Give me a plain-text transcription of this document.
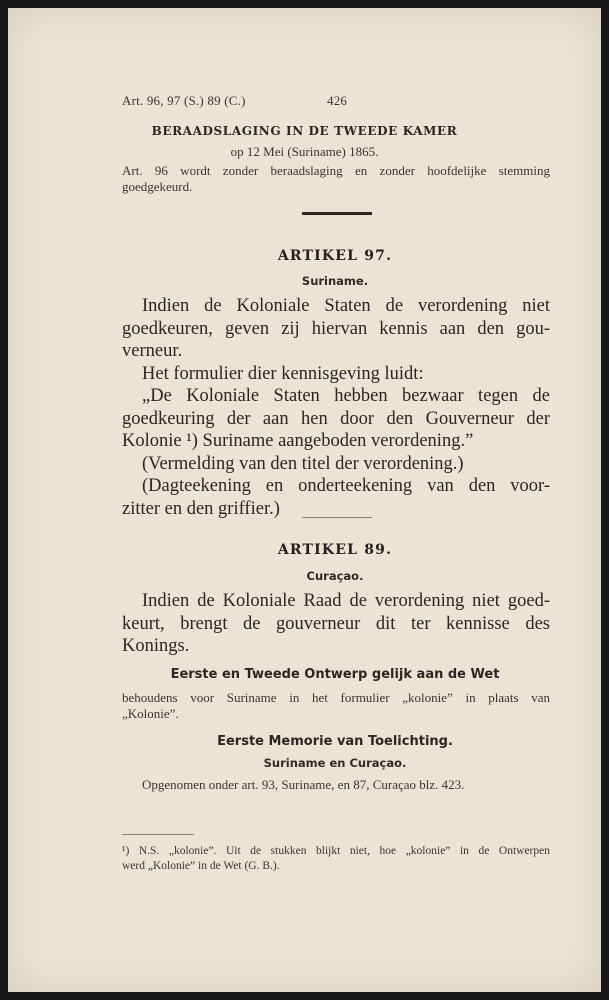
Art. 96, 97 (S.) 89 (C.)	426
BERAADSLAGING IN DE TWEEDE KAMER
op 12 Mei (Suriname) 1865.
Art. 96 wordt zonder beraadslaging en zonder hoofdelijke stemming
goedgekeurd.
ARTIKEL 97.
Suriname.
Indien de Koloniale Staten de verordening niet
goedkeuren, geven zij hiervan kennis aan den gou-
verneur.
Het formulier dier kennisgeving luidt:
„De Koloniale Staten hebben bezwaar tegen de
goedkeuring der aan hen door den Gouverneur der
Kolonie ¹) Suriname aangeboden verordening.”
(Vermelding van den titel der verordening.)
(Dagteekening en onderteekening van den voor-
zitter en den griffier.)
ARTIKEL 89.
Curaçao.
Indien de Koloniale Raad de verordening niet goed-
keurt, brengt de gouverneur dit ter kennisse des
Konings.
Eerste en Tweede Ontwerp gelijk aan de Wet
behoudens voor Suriname in het formulier „kolonie” in plaats van
„Kolonie”.
Eerste Memorie van Toelichting.
Suriname en Curaçao.
Opgenomen onder art. 93, Suriname, en 87, Curaçao blz. 423.
¹) N.S. „kolonie”. Uit de stukken blijkt niet, hoe „kolonie” in de Ontwerpen
werd „Kolonie” in de Wet (G. B.).
